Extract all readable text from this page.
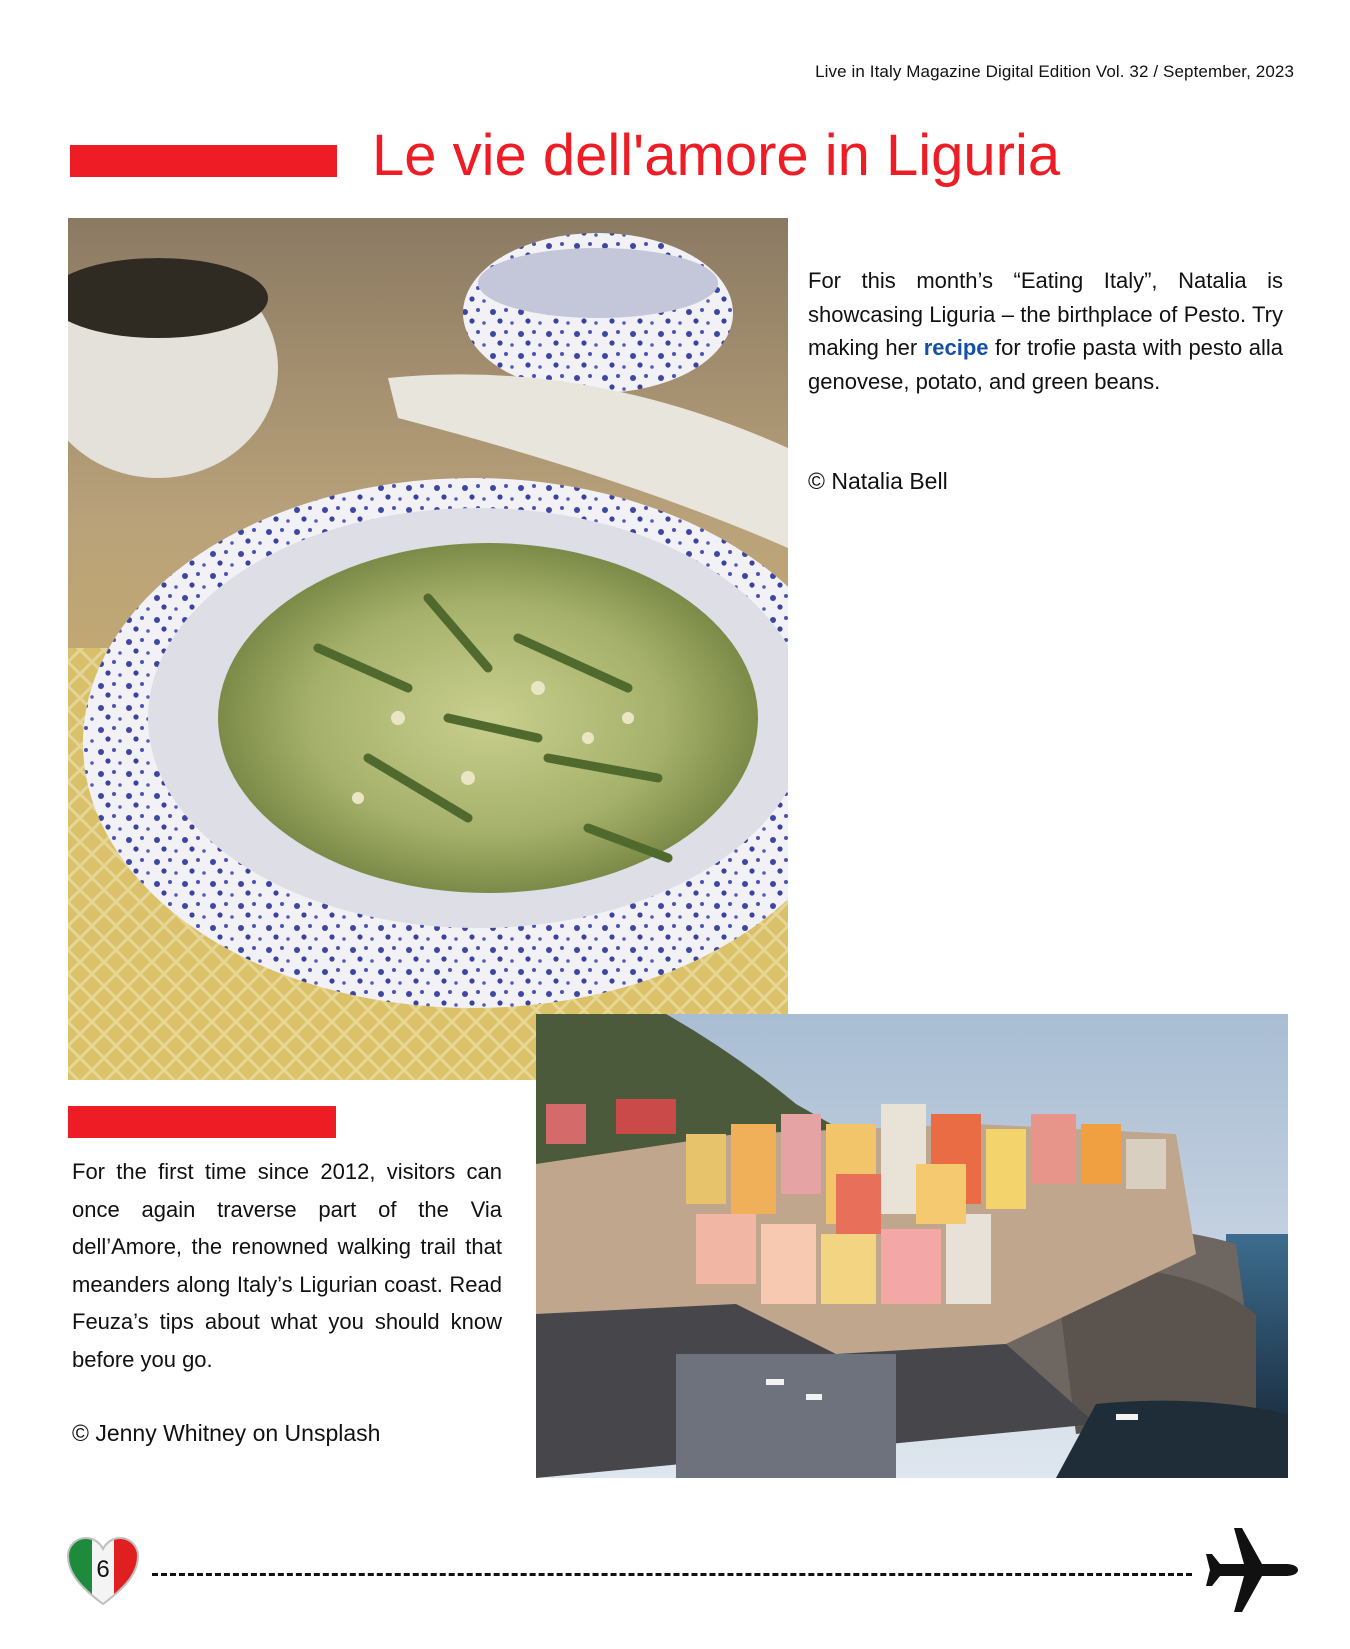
Live in Italy Magazine Digital Edition Vol. 32 / September, 2023
Le vie dell'amore in Liguria

For this month’s “Eating Italy”, Natalia is showcasing Liguria – the birthplace of Pesto. Try making her recipe for trofie pasta with pesto alla genovese, potato, and green beans.

© Natalia Bell
For the first time since 2012, visitors can once again traverse part of the Via dell’Amore, the renowned walking trail that meanders along Italy’s Ligurian coast. Read Feuza’s tips about what you should know before you go.
© Jenny Whitney on Unsplash
6
